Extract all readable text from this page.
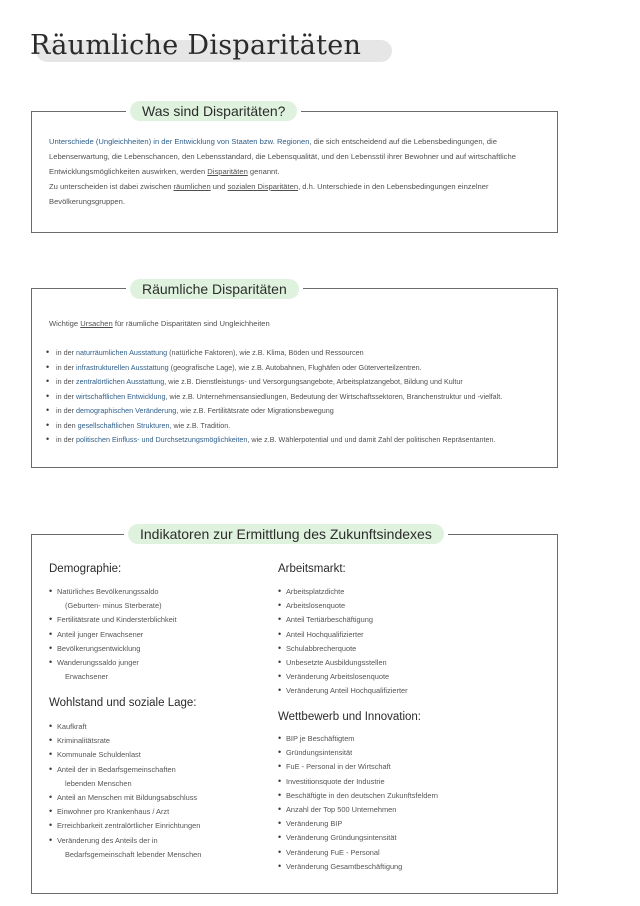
Räumliche Disparitäten
Was sind Disparitäten?
Unterschiede (Ungleichheiten) in der Entwicklung von Staaten bzw. Regionen, die sich entscheidend auf die Lebensbedingungen, die Lebenserwartung, die Lebenschancen, den Lebensstandard, die Lebensqualität, und den Lebensstil ihrer Bewohner und auf wirtschaftliche Entwicklungsmöglichkeiten auswirken, werden Disparitäten genannt.
Zu unterscheiden ist dabei zwischen räumlichen und sozialen Disparitäten, d.h. Unterschiede in den Lebensbedingungen einzelner Bevölkerungsgruppen.
Räumliche Disparitäten
Wichtige Ursachen für räumliche Disparitäten sind Ungleichheiten
• in der naturräumlichen Ausstattung (natürliche Faktoren), wie z.B. Klima, Böden und Ressourcen
• in der infrastrukturellen Ausstattung (geografische Lage), wie z.B. Autobahnen, Flughäfen oder Güterverteilzentren.
• in der zentralörtlichen Ausstattung, wie z.B. Dienstleistungs- und Versorgungsangebote, Arbeitsplatzangebot, Bildung und Kultur
• in der wirtschaftlichen Entwicklung, wie z.B. Unternehmensansiedlungen, Bedeutung der Wirtschaftssektoren, Branchenstruktur und -vielfalt.
• in der demographischen Veränderung, wie z.B. Fertilitätsrate oder Migrationsbewegung
• in den gesellschaftlichen Strukturen, wie z.B. Tradition.
• in der politischen Einfluss- und Durchsetzungsmöglichkeiten, wie z.B. Wählerpotential und und damit Zahl der politischen Repräsentanten.
Indikatoren zur Ermittlung des Zukunftsindexes
Demographie:
• Natürliches Bevölkerungssaldo
(Geburten- minus Sterberate)
• Fertilitätsrate und Kindersterblichkeit
• Anteil junger Erwachsener
• Bevölkerungsentwicklung
• Wanderungssaldo junger
Erwachsener
Wohlstand und soziale Lage:
• Kaufkraft
• Kriminalitätsrate
• Kommunale Schuldenlast
• Anteil der in Bedarfsgemeinschaften
lebenden Menschen
• Anteil an Menschen mit Bildungsabschluss
• Einwohner pro Krankenhaus / Arzt
• Erreichbarkeit zentralörtlicher Einrichtungen
• Veränderung des Anteils der in
Bedarfsgemeinschaft lebender Menschen
Arbeitsmarkt:
• Arbeitsplatzdichte
• Arbeitslosenquote
• Anteil Tertiärbeschäftigung
• Anteil Hochqualifizierter
• Schulabbrecherquote
• Unbesetzte Ausbildungsstellen
• Veränderung Arbeitslosenquote
• Veränderung Anteil Hochqualifizierter
Wettbewerb und Innovation:
• BIP je Beschäftigtem
• Gründungsintensität
• FuE - Personal in der Wirtschaft
• Investitionsquote der Industrie
• Beschäftigte in den deutschen Zukunftsfeldern
• Anzahl der Top 500 Unternehmen
• Veränderung BIP
• Veränderung Gründungsintensität
• Veränderung FuE - Personal
• Veränderung Gesamtbeschäftigung
